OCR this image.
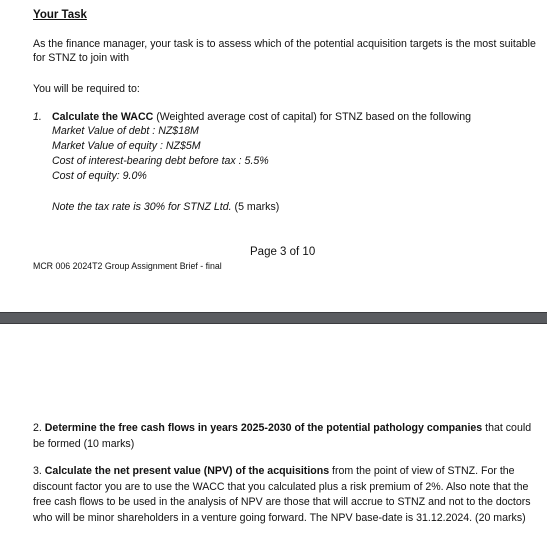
Your Task
As the finance manager, your task is to assess which of the potential acquisition targets is the most suitable for STNZ to join with
You will be required to:
1. Calculate the WACC (Weighted average cost of capital) for STNZ based on the following
Market Value of debt : NZ$18M
Market Value of equity : NZ$5M
Cost of interest-bearing debt before tax : 5.5%
Cost of equity: 9.0%
Note the tax rate is 30% for STNZ Ltd. (5 marks)
Page 3 of 10
MCR 006 2024T2 Group Assignment Brief - final
2. Determine the free cash flows in years 2025-2030 of the potential pathology companies that could be formed (10 marks)
3. Calculate the net present value (NPV) of the acquisitions from the point of view of STNZ. For the discount factor you are to use the WACC that you calculated plus a risk premium of 2%. Also note that the free cash flows to be used in the analysis of NPV are those that will accrue to STNZ and not to the doctors who will be minor shareholders in a venture going forward. The NPV base-date is 31.12.2024. (20 marks)
